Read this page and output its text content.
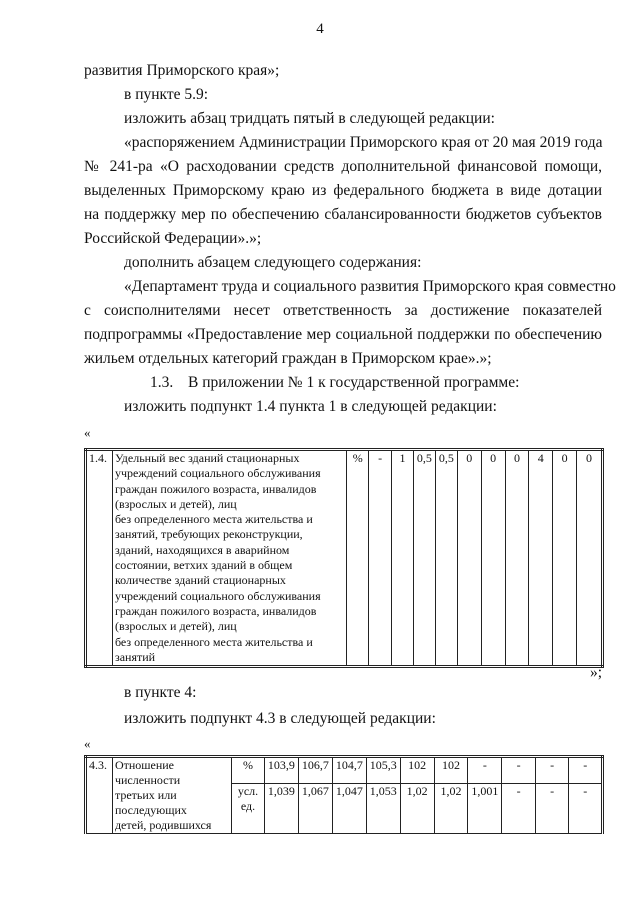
4
развития Приморского края»;
в пункте 5.9:
изложить абзац тридцать пятый в следующей редакции:
«распоряжением Администрации Приморского края от 20 мая 2019 года
№ 241-ра «О расходовании средств дополнительной финансовой помощи,
выделенных Приморскому краю из федерального бюджета в виде дотации
на поддержку мер по обеспечению сбалансированности бюджетов субъектов
Российской Федерации».»;
дополнить абзацем следующего содержания:
«Департамент труда и социального развития Приморского края совместно
с соисполнителями несет ответственность за достижение показателей
подпрограммы «Предоставление мер социальной поддержки по обеспечению
жильем отдельных категорий граждан в Приморском крае».»;
1.3. В приложении № 1 к государственной программе:
изложить подпункт 1.4 пункта 1 в следующей редакции:
«
1.4.	Удельный вес зданий стационарных
учреждений социального обслуживания
граждан пожилого возраста, инвалидов
(взрослых и детей), лиц
без определенного места жительства и
занятий, требующих реконструкции,
зданий, находящихся в аварийном
состоянии, ветхих зданий в общем
количестве зданий стационарных
учреждений социального обслуживания
граждан пожилого возраста, инвалидов
(взрослых и детей), лиц
без определенного места жительства и
занятий
	%	-	1	0,5	0,5	0	0	0	4	0	0
»;
в пункте 4:
изложить подпункт 4.3 в следующей редакции:
«
4.3.	Отношение
численности
третьих или
последующих
детей, родившихся	%	103,9	106,7	104,7	105,3	102	102	-	-	-	-

		усл.
ед.	1,039	1,067	1,047	1,053	1,02	1,02	1,001	-	-	-
